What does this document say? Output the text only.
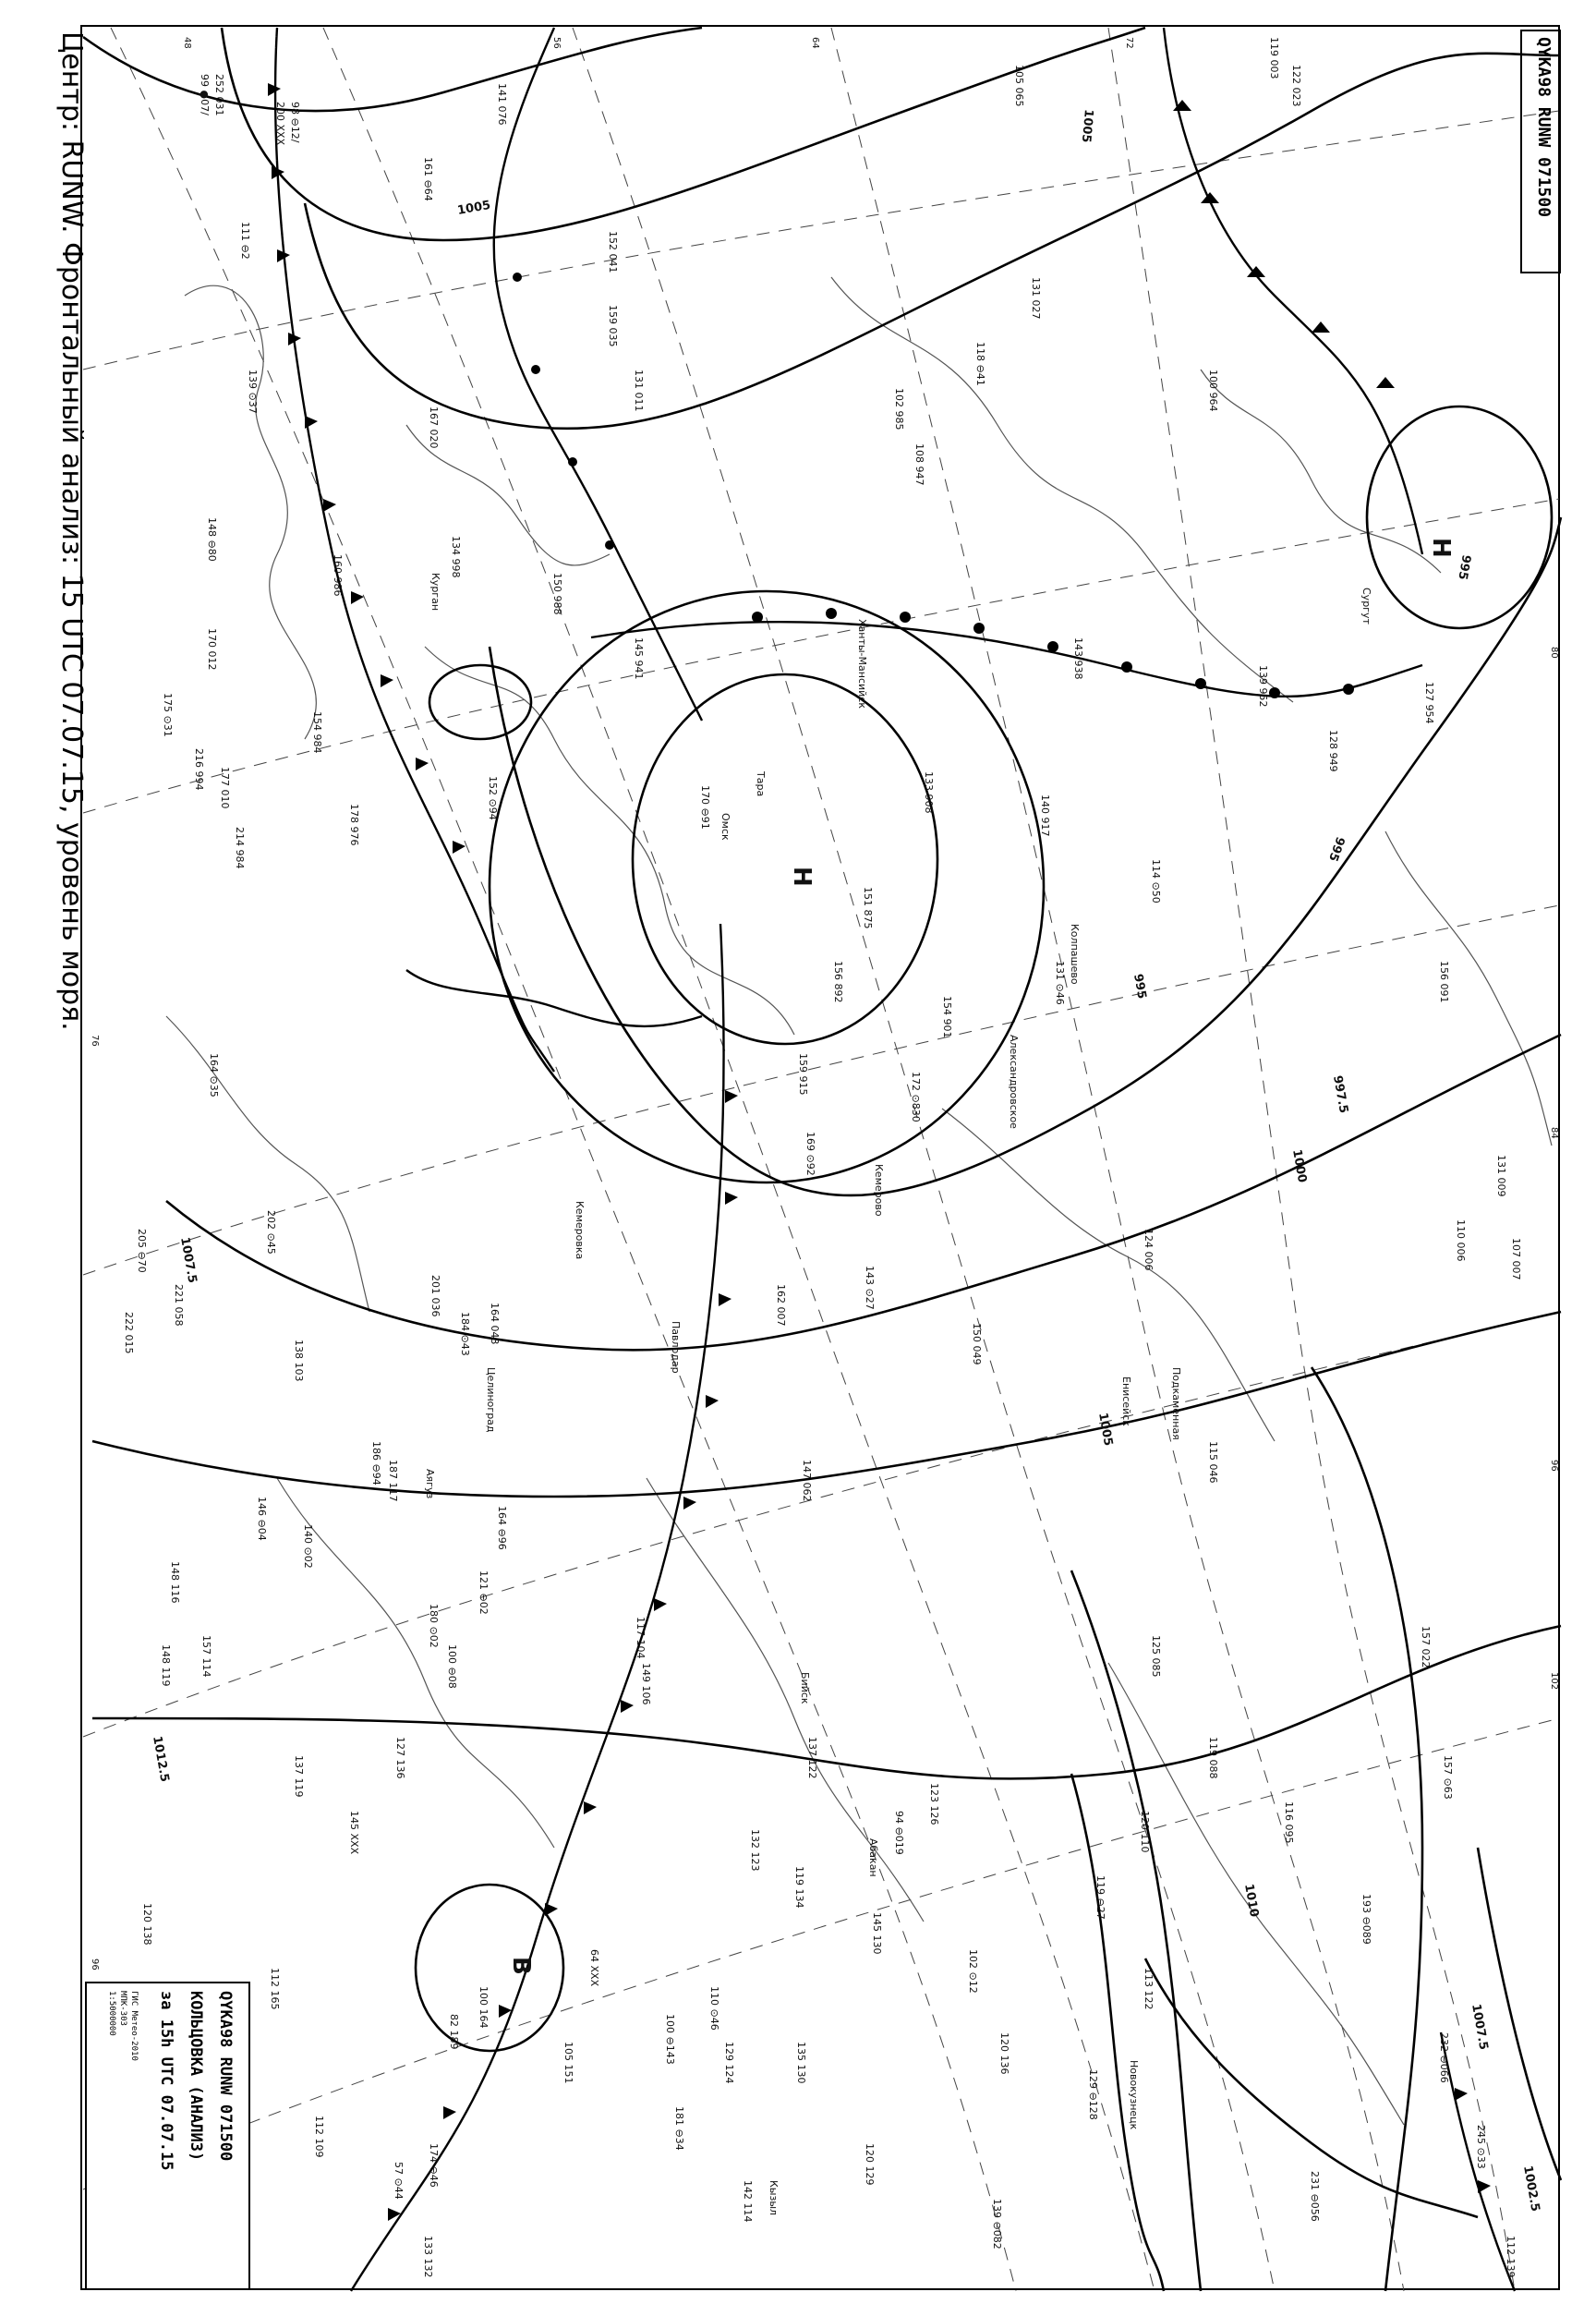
1005
1005
995
995
995
1000
1005
1007.5
1007.5
1010
1012.5
1002.5
997.5
Н
Н
В
99 ●07/ 252 031
200 XXX 98 ⊖12/
139 ⊙37
111 ⊖2
148 ⊖80
184 ⊙43
164 ⊙35
127 136
121 ⊖02
100 ⊖08
180 ⊙02
205 ⊖70	202 ⊙45
221 058
177 010
214 984
170 ⊖91
151 875
131 ⊙46
114 ⊙50
128 949
107 007
131 009
115 046
125 085	157 022
116 095
120 110
113 122
123 126
137 122
132 123
147 062
149 106
117 104
119 088
187 117
145 XXX
137 119
156 091
124 006	110 006
172 ⊙830
143 ⊙27
150 049
162 007
164 043
201 036
169 ⊙92
159 915
154 901
156 892
140 917
133 908
143 938
127 954
139 952
118 ⊖41
131 027
145 941
108 947
100 964
102 985
105 065	122 023
119 003
152 041
141 076
161 ⊖64
159 035
131 011
167 020
160 986	150 988
134 998
175 ⊙31
170 012
216 994
154 984
178 976
152 ⊙94
222 015
186 ⊖94
164 ⊖96
138 103
146 ⊖04
140 ⊙02
148 116
157 114
148 119
112 165
120 138
100 164
82 189
64 XXX
105 151	100 ⊖143	135 130
120 129
139 ⊖082
145 130
181 ⊖34
120 136
119 134
129 ⊖128
157 ⊙63
232 ⊖066
245 ⊙33
231 ⊖056
193 ⊖089
112 139
112 109
57 ⊙44
133 132
174 ⊖46
129 124
142 114
110 ⊙46
102 ⊙12
119 ⊖27
94 ⊖019
Сургут
Новокузнецк
Александровское
Кемерово
Кемеровка
Тара
Енисейск
Бийск
Павлодар
Омск
Целиноград
Аягуз
Ханты-Мансийск
Подкаменная
Колпашево
Кызыл
Абакан
Курган
48	56	64	72
80
96
102
84
96
76
Центр: RUNW. Фронтальный анализ: 15 UTC 07.07.15, уровень моря.	QYKA98 RUNW 071500
QYKA98 RUNW 071500
КОЛЬЦОВКА (АНАЛИЗ)
за 15h UTC 07.07.15
ГИС Метео-2010
МПК-303
1:5000000
